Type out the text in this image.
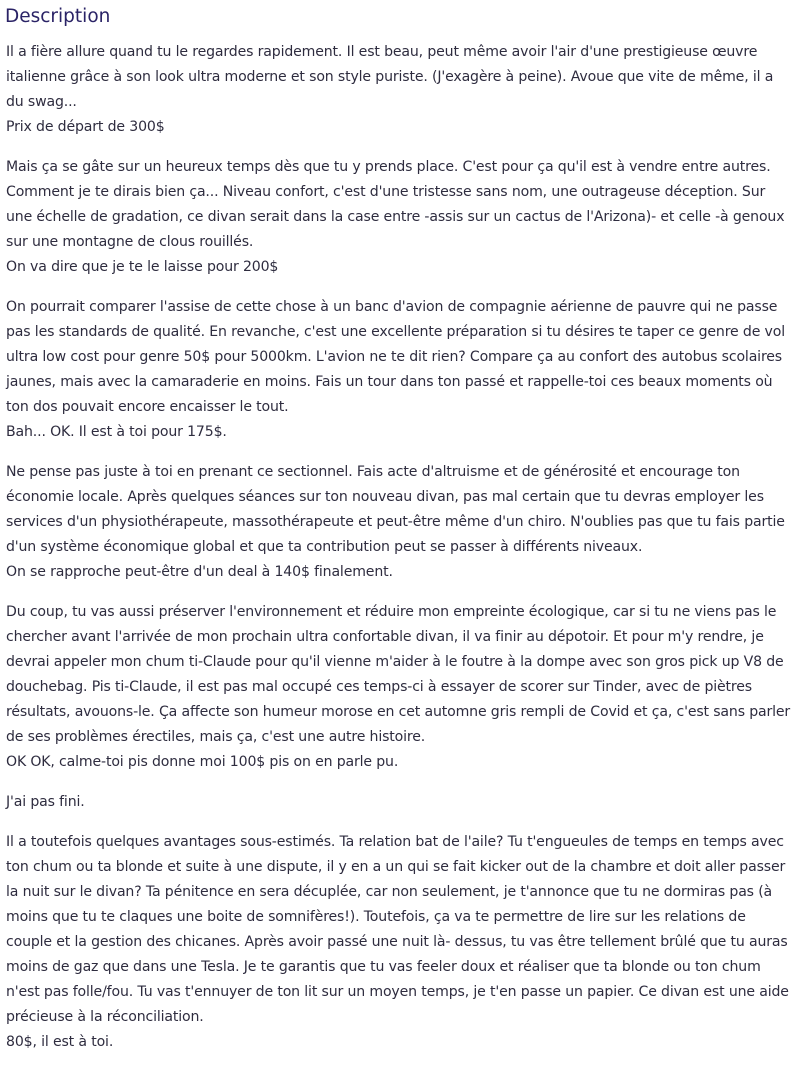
Description

Il a fière allure quand tu le regardes rapidement. Il est beau, peut même avoir l'air d'une prestigieuse œuvre italienne grâce à son look ultra moderne et son style puriste. (J'exagère à peine). Avoue que vite de même, il a du swag...
Prix de départ de 300$

Mais ça se gâte sur un heureux temps dès que tu y prends place. C'est pour ça qu'il est à vendre entre autres. Comment je te dirais bien ça... Niveau confort, c'est d'une tristesse sans nom, une outrageuse déception. Sur une échelle de gradation, ce divan serait dans la case entre -assis sur un cactus de l'Arizona)- et celle -à genoux sur une montagne de clous rouillés.
On va dire que je te le laisse pour 200$

On pourrait comparer l'assise de cette chose à un banc d'avion de compagnie aérienne de pauvre qui ne passe pas les standards de qualité. En revanche, c'est une excellente préparation si tu désires te taper ce genre de vol ultra low cost pour genre 50$ pour 5000km. L'avion ne te dit rien? Compare ça au confort des autobus scolaires jaunes, mais avec la camaraderie en moins. Fais un tour dans ton passé et rappelle-toi ces beaux moments où ton dos pouvait encore encaisser le tout.
Bah... OK. Il est à toi pour 175$.

Ne pense pas juste à toi en prenant ce sectionnel. Fais acte d'altruisme et de générosité et encourage ton économie locale. Après quelques séances sur ton nouveau divan, pas mal certain que tu devras employer les services d'un physiothérapeute, massothérapeute et peut-être même d'un chiro. N'oublies pas que tu fais partie d'un système économique global et que ta contribution peut se passer à différents niveaux.
On se rapproche peut-être d'un deal à 140$ finalement.

Du coup, tu vas aussi préserver l'environnement et réduire mon empreinte écologique, car si tu ne viens pas le chercher avant l'arrivée de mon prochain ultra confortable divan, il va finir au dépotoir. Et pour m'y rendre, je devrai appeler mon chum ti-Claude pour qu'il vienne m'aider à le foutre à la dompe avec son gros pick up V8 de douchebag. Pis ti-Claude, il est pas mal occupé ces temps-ci à essayer de scorer sur Tinder, avec de piètres résultats, avouons-le. Ça affecte son humeur morose en cet automne gris rempli de Covid et ça, c'est sans parler de ses problèmes érectiles, mais ça, c'est une autre histoire.
OK OK, calme-toi pis donne moi 100$ pis on en parle pu.

J'ai pas fini.

Il a toutefois quelques avantages sous-estimés. Ta relation bat de l'aile? Tu t'engueules de temps en temps avec ton chum ou ta blonde et suite à une dispute, il y en a un qui se fait kicker out de la chambre et doit aller passer la nuit sur le divan? Ta pénitence en sera décuplée, car non seulement, je t'annonce que tu ne dormiras pas (à moins que tu te claques une boite de somnifères!). Toutefois, ça va te permettre de lire sur les relations de couple et la gestion des chicanes. Après avoir passé une nuit là- dessus, tu vas être tellement brûlé que tu auras moins de gaz que dans une Tesla. Je te garantis que tu vas feeler doux et réaliser que ta blonde ou ton chum n'est pas folle/fou. Tu vas t'ennuyer de ton lit sur un moyen temps, je t'en passe un papier. Ce divan est une aide précieuse à la réconciliation.
80$, il est à toi.
